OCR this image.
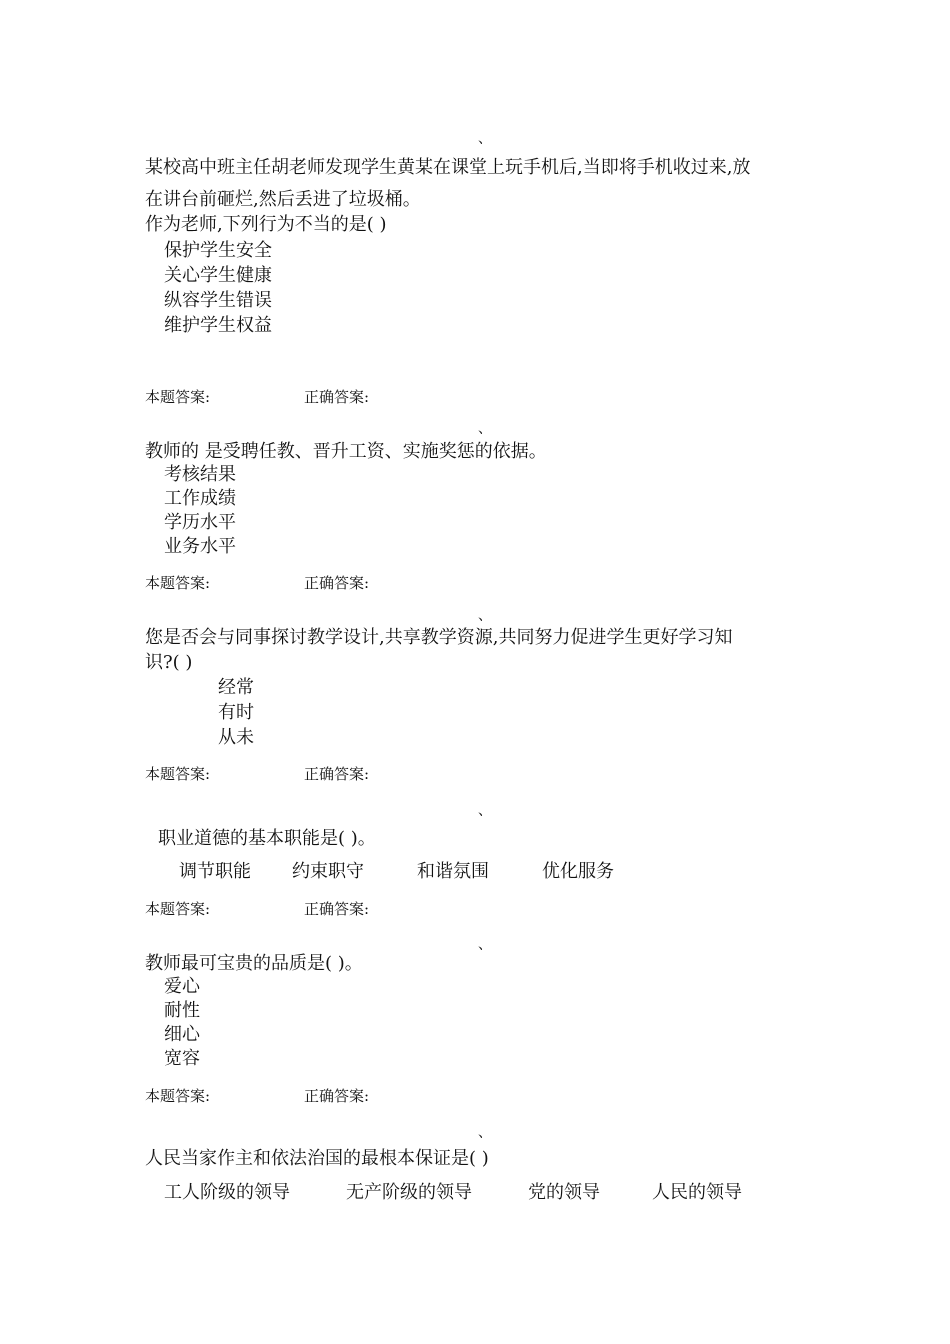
、
某校高中班主任胡老师发现学生黄某在课堂上玩手机后,当即将手机收过来,放
在讲台前砸烂,然后丢进了垃圾桶。
作为老师,下列行为不当的是( )
保护学生安全
关心学生健康
纵容学生错误
维护学生权益
本题答案:	正确答案:
、
教师的 是受聘任教、晋升工资、实施奖惩的依据。
考核结果
工作成绩
学历水平
业务水平
本题答案:	正确答案:
、
您是否会与同事探讨教学设计,共享教学资源,共同努力促进学生更好学习知
识?( )
经常
有时
从未
本题答案:	正确答案:
、
职业道德的基本职能是( )。
调节职能 约束职守	和谐氛围	优化服务
本题答案:	正确答案:
、
教师最可宝贵的品质是( )。
爱心
耐性
细心
宽容
本题答案:	正确答案:
、
人民当家作主和依法治国的最根本保证是( )
工人阶级的领导	无产阶级的领导	党的领导	人民的领导
